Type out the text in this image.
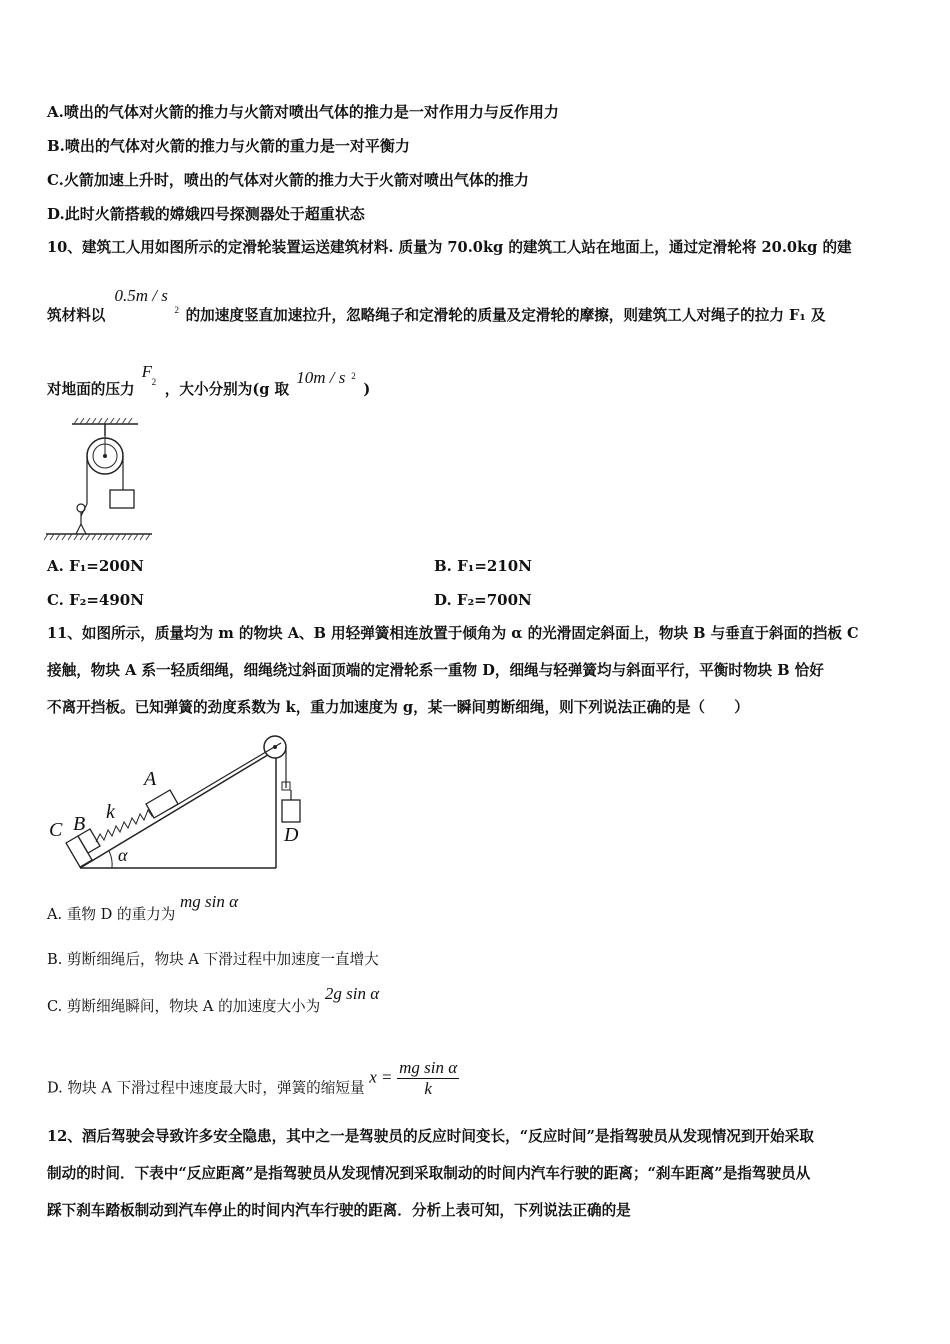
A.喷出的气体对火箭的推力与火箭对喷出气体的推力是一对作用力与反作用力
B.喷出的气体对火箭的推力与火箭的重力是一对平衡力
C.火箭加速上升时，喷出的气体对火箭的推力大于火箭对喷出气体的推力
D.此时火箭搭载的嫦娥四号探测器处于超重状态
10、建筑工人用如图所示的定滑轮装置运送建筑材料. 质量为 70.0kg 的建筑工人站在地面上，通过定滑轮将 20.0kg 的建
筑材料以
0.5m / s
2 的加速度竖直加速拉升，忽略绳子和定滑轮的质量及定滑轮的摩擦，则建筑工人对绳子的拉力 F₁ 及
对地面的压力
F
2 ，大小分别为(g 取
10m / s 2
)
A. F₁=200N	B. F₁=210N
C. F₂=490N	D. F₂=700N
11、如图所示，质量均为 m 的物块 A、B 用轻弹簧相连放置于倾角为 α 的光滑固定斜面上，物块 B 与垂直于斜面的挡板 C
接触，物块 A 系一轻质细绳，细绳绕过斜面顶端的定滑轮系一重物 D，细绳与轻弹簧均与斜面平行，平衡时物块 B 恰好
不离开挡板。已知弹簧的劲度系数为 k，重力加速度为 g，某一瞬间剪断细绳，则下列说法正确的是（　　）
C B
A
k
D
α
A. 重物 D 的重力为 mg sin α
B. 剪断细绳后，物块 A 下滑过程中加速度一直增大
C. 剪断细绳瞬间，物块 A 的加速度大小为 2g sin α
D. 物块 A 下滑过程中速度最大时，弹簧的缩短量 $x = \frac{\text{mg sin α}}{k}$
12、酒后驾驶会导致许多安全隐患，其中之一是驾驶员的反应时间变长，“反应时间”是指驾驶员从发现情况到开始采取
制动的时间．下表中“反应距离”是指驾驶员从发现情况到采取制动的时间内汽车行驶的距离；“刹车距离”是指驾驶员从
踩下刹车踏板制动到汽车停止的时间内汽车行驶的距离．分析上表可知，下列说法正确的是
